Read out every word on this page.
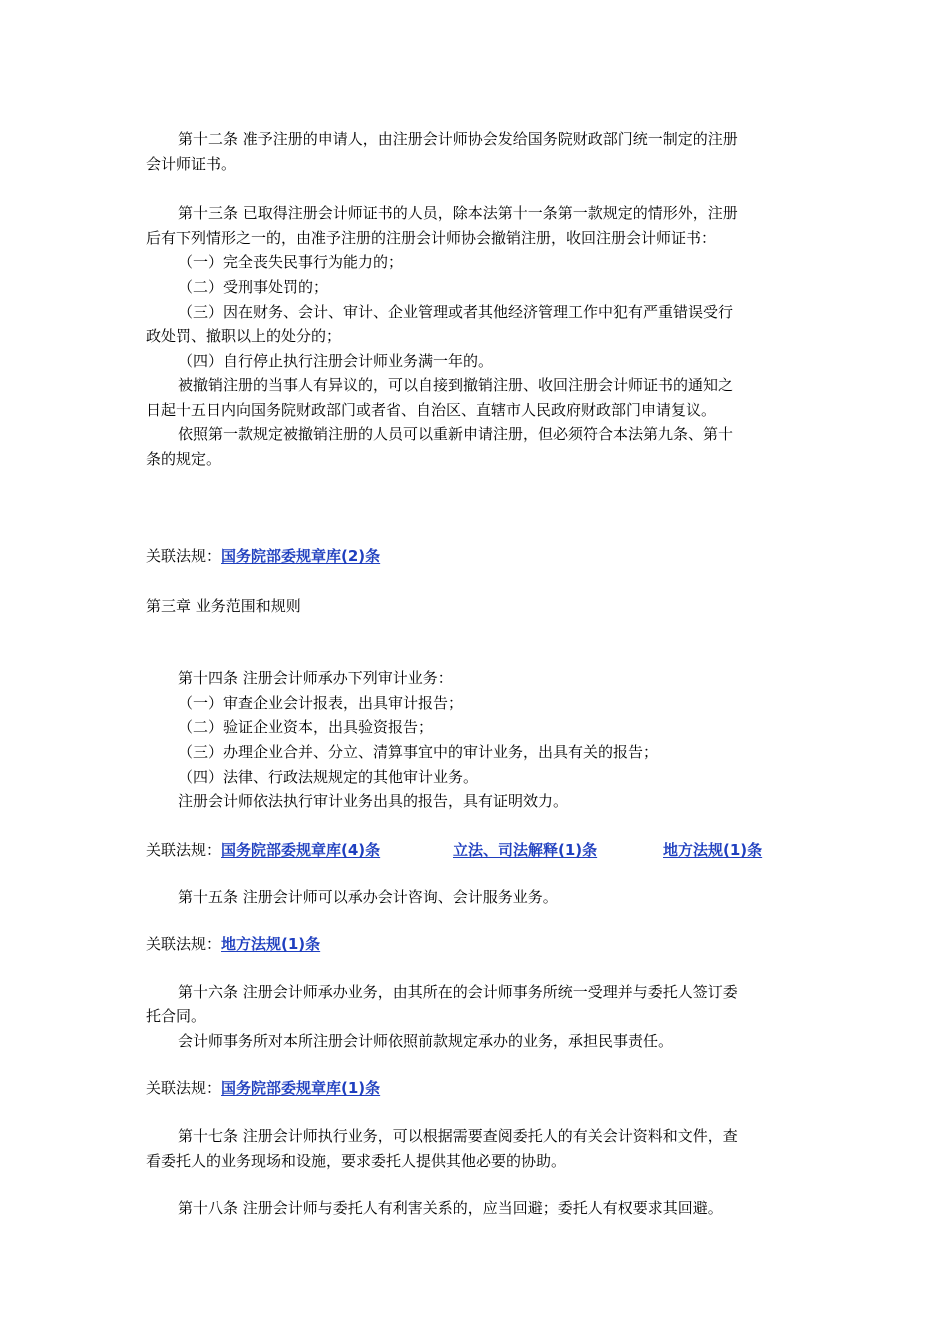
第十二条 准予注册的申请人，由注册会计师协会发给国务院财政部门统一制定的注册
会计师证书。
第十三条 已取得注册会计师证书的人员，除本法第十一条第一款规定的情形外，注册
后有下列情形之一的，由准予注册的注册会计师协会撤销注册，收回注册会计师证书：
（一）完全丧失民事行为能力的；
（二）受刑事处罚的；
（三）因在财务、会计、审计、企业管理或者其他经济管理工作中犯有严重错误受行
政处罚、撤职以上的处分的；
（四）自行停止执行注册会计师业务满一年的。
被撤销注册的当事人有异议的，可以自接到撤销注册、收回注册会计师证书的通知之
日起十五日内向国务院财政部门或者省、自治区、直辖市人民政府财政部门申请复议。
依照第一款规定被撤销注册的人员可以重新申请注册，但必须符合本法第九条、第十
条的规定。
关联法规：国务院部委规章库(2)条
第三章 业务范围和规则
第十四条 注册会计师承办下列审计业务：
（一）审查企业会计报表，出具审计报告；
（二）验证企业资本，出具验资报告；
（三）办理企业合并、分立、清算事宜中的审计业务，出具有关的报告；
（四）法律、行政法规规定的其他审计业务。
注册会计师依法执行审计业务出具的报告，具有证明效力。
关联法规：国务院部委规章库(4)条	立法、司法解释(1)条	地方法规(1)条
第十五条 注册会计师可以承办会计咨询、会计服务业务。
关联法规：地方法规(1)条
第十六条 注册会计师承办业务，由其所在的会计师事务所统一受理并与委托人签订委
托合同。
会计师事务所对本所注册会计师依照前款规定承办的业务，承担民事责任。
关联法规：国务院部委规章库(1)条
第十七条 注册会计师执行业务，可以根据需要查阅委托人的有关会计资料和文件，查
看委托人的业务现场和设施，要求委托人提供其他必要的协助。
第十八条 注册会计师与委托人有利害关系的，应当回避；委托人有权要求其回避。
